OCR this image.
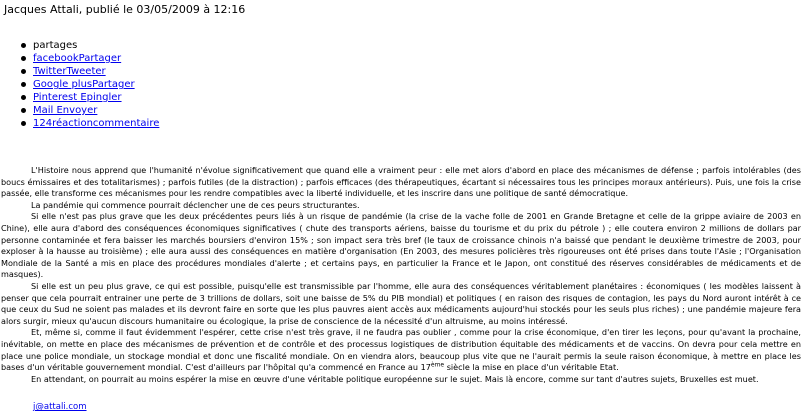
Jacques Attali, publié le 03/05/2009 à 12:16
partages
facebookPartager
TwitterTweeter
Google plusPartager
Pinterest Epingler
Mail Envoyer
124réactioncommentaire

L'Histoire nous apprend que l'humanité n'évolue significativement que quand elle a vraiment peur : elle met alors d'abord en place des mécanismes de défense ; parfois intolérables (des boucs émissaires et des totalitarismes) ; parfois futiles (de la distraction) ; parfois efficaces (des thérapeutiques, écartant si nécessaires tous les principes moraux antérieurs). Puis, une fois la crise passée, elle transforme ces mécanismes pour les rendre compatibles avec la liberté individuelle, et les inscrire dans une politique de santé démocratique.

La pandémie qui commence pourrait déclencher une de ces peurs structurantes.

Si elle n'est pas plus grave que les deux précédentes peurs liés à un risque de pandémie (la crise de la vache folle de 2001 en Grande Bretagne et celle de la grippe aviaire de 2003 en Chine), elle aura d'abord des conséquences économiques significatives ( chute des transports aériens, baisse du tourisme et du prix du pétrole ) ; elle coutera environ 2 millions de dollars par personne contaminée et fera baisser les marchés boursiers d'environ 15% ; son impact sera très bref (le taux de croissance chinois n'a baissé que pendant le deuxième trimestre de 2003, pour exploser à la hausse au troisième) ; elle aura aussi des conséquences en matière d'organisation (En 2003, des mesures policières très rigoureuses ont été prises dans toute l'Asie ; l'Organisation Mondiale de la Santé a mis en place des procédures mondiales d'alerte ; et certains pays, en particulier la France et le Japon, ont constitué des réserves considérables de médicaments et de masques).

Si elle est un peu plus grave, ce qui est possible, puisqu'elle est transmissible par l'homme, elle aura des conséquences véritablement planétaires : économiques ( les modèles laissent à penser que cela pourrait entrainer une perte de 3 trillions de dollars, soit une baisse de 5% du PIB mondial) et politiques ( en raison des risques de contagion, les pays du Nord auront intérêt à ce que ceux du Sud ne soient pas malades et ils devront faire en sorte que les plus pauvres aient accès aux médicaments aujourd'hui stockés pour les seuls plus riches) ; une pandémie majeure fera alors surgir, mieux qu'aucun discours humanitaire ou écologique, la prise de conscience de la nécessité d'un altruisme, au moins intéressé.

Et, même si, comme il faut évidemment l'espérer, cette crise n'est très grave, il ne faudra pas oublier , comme pour la crise économique, d'en tirer les leçons, pour qu'avant la prochaine, inévitable, on mette en place des mécanismes de prévention et de contrôle et des processus logistiques de distribution équitable des médicaments et de vaccins. On devra pour cela mettre en place une police mondiale, un stockage mondial et donc une fiscalité mondiale. On en viendra alors, beaucoup plus vite que ne l'aurait permis la seule raison économique, à mettre en place les bases d'un véritable gouvernement mondial. C'est d'ailleurs par l'hôpital qu'a commencé en France au 17ème siècle la mise en place d'un véritable Etat.

En attendant, on pourrait au moins espérer la mise en œuvre d'une véritable politique européenne sur le sujet. Mais là encore, comme sur tant d'autres sujets, Bruxelles est muet.

j@attali.com
